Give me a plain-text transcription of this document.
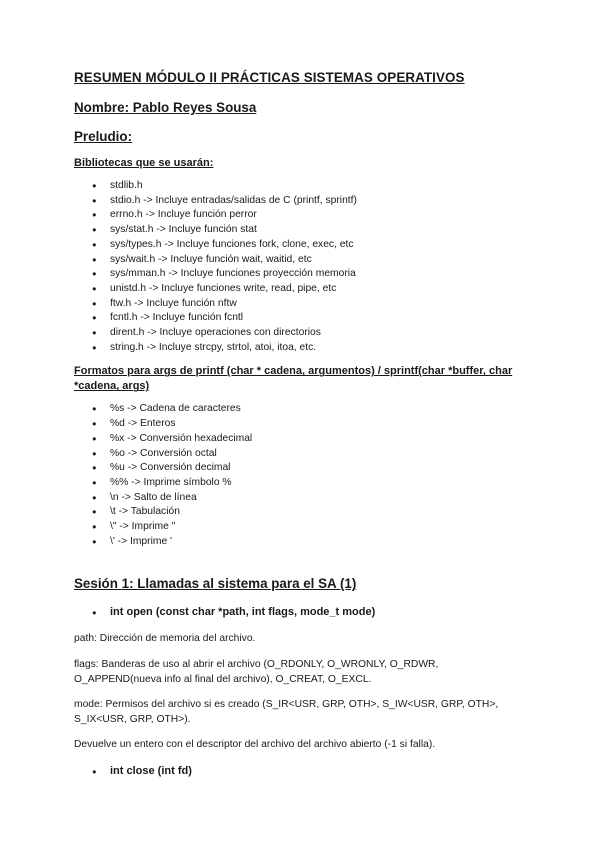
RESUMEN MÓDULO II PRÁCTICAS SISTEMAS OPERATIVOS
Nombre: Pablo Reyes Sousa
Preludio:
Bibliotecas que se usarán:
● stdlib.h
● stdio.h -> Incluye entradas/salidas de C (printf, sprintf)
● errno.h -> Incluye función perror
● sys/stat.h -> Incluye función stat
● sys/types.h -> Incluye funciones fork, clone, exec, etc
● sys/wait.h -> Incluye función wait, waitid, etc
● sys/mman.h -> Incluye funciones proyección memoria
● unistd.h -> Incluye funciones write, read, pipe, etc
● ftw.h -> Incluye función nftw
● fcntl.h -> Incluye función fcntl
● dirent.h -> Incluye operaciones con directorios
● string.h -> Incluye strcpy, strtol, atoi, itoa, etc.
Formatos para args de printf (char * cadena, argumentos) / sprintf(char *buffer, char *cadena, args)
● %s -> Cadena de caracteres
● %d -> Enteros
● %x -> Conversión hexadecimal
● %o -> Conversión octal
● %u -> Conversión decimal
● %% -> Imprime símbolo %
● \n -> Salto de línea
● \t -> Tabulación
● \" -> Imprime "
● \' -> Imprime '
Sesión 1: Llamadas al sistema para el SA (1)
● int open (const char *path, int flags, mode_t mode)

path: Dirección de memoria del archivo.

flags: Banderas de uso al abrir el archivo (O_RDONLY, O_WRONLY, O_RDWR, O_APPEND(nueva info al final del archivo), O_CREAT, O_EXCL.

mode: Permisos del archivo si es creado (S_IR<USR, GRP, OTH>, S_IW<USR, GRP, OTH>, S_IX<USR, GRP, OTH>).

Devuelve un entero con el descriptor del archivo del archivo abierto (-1 si falla).

● int close (int fd)
